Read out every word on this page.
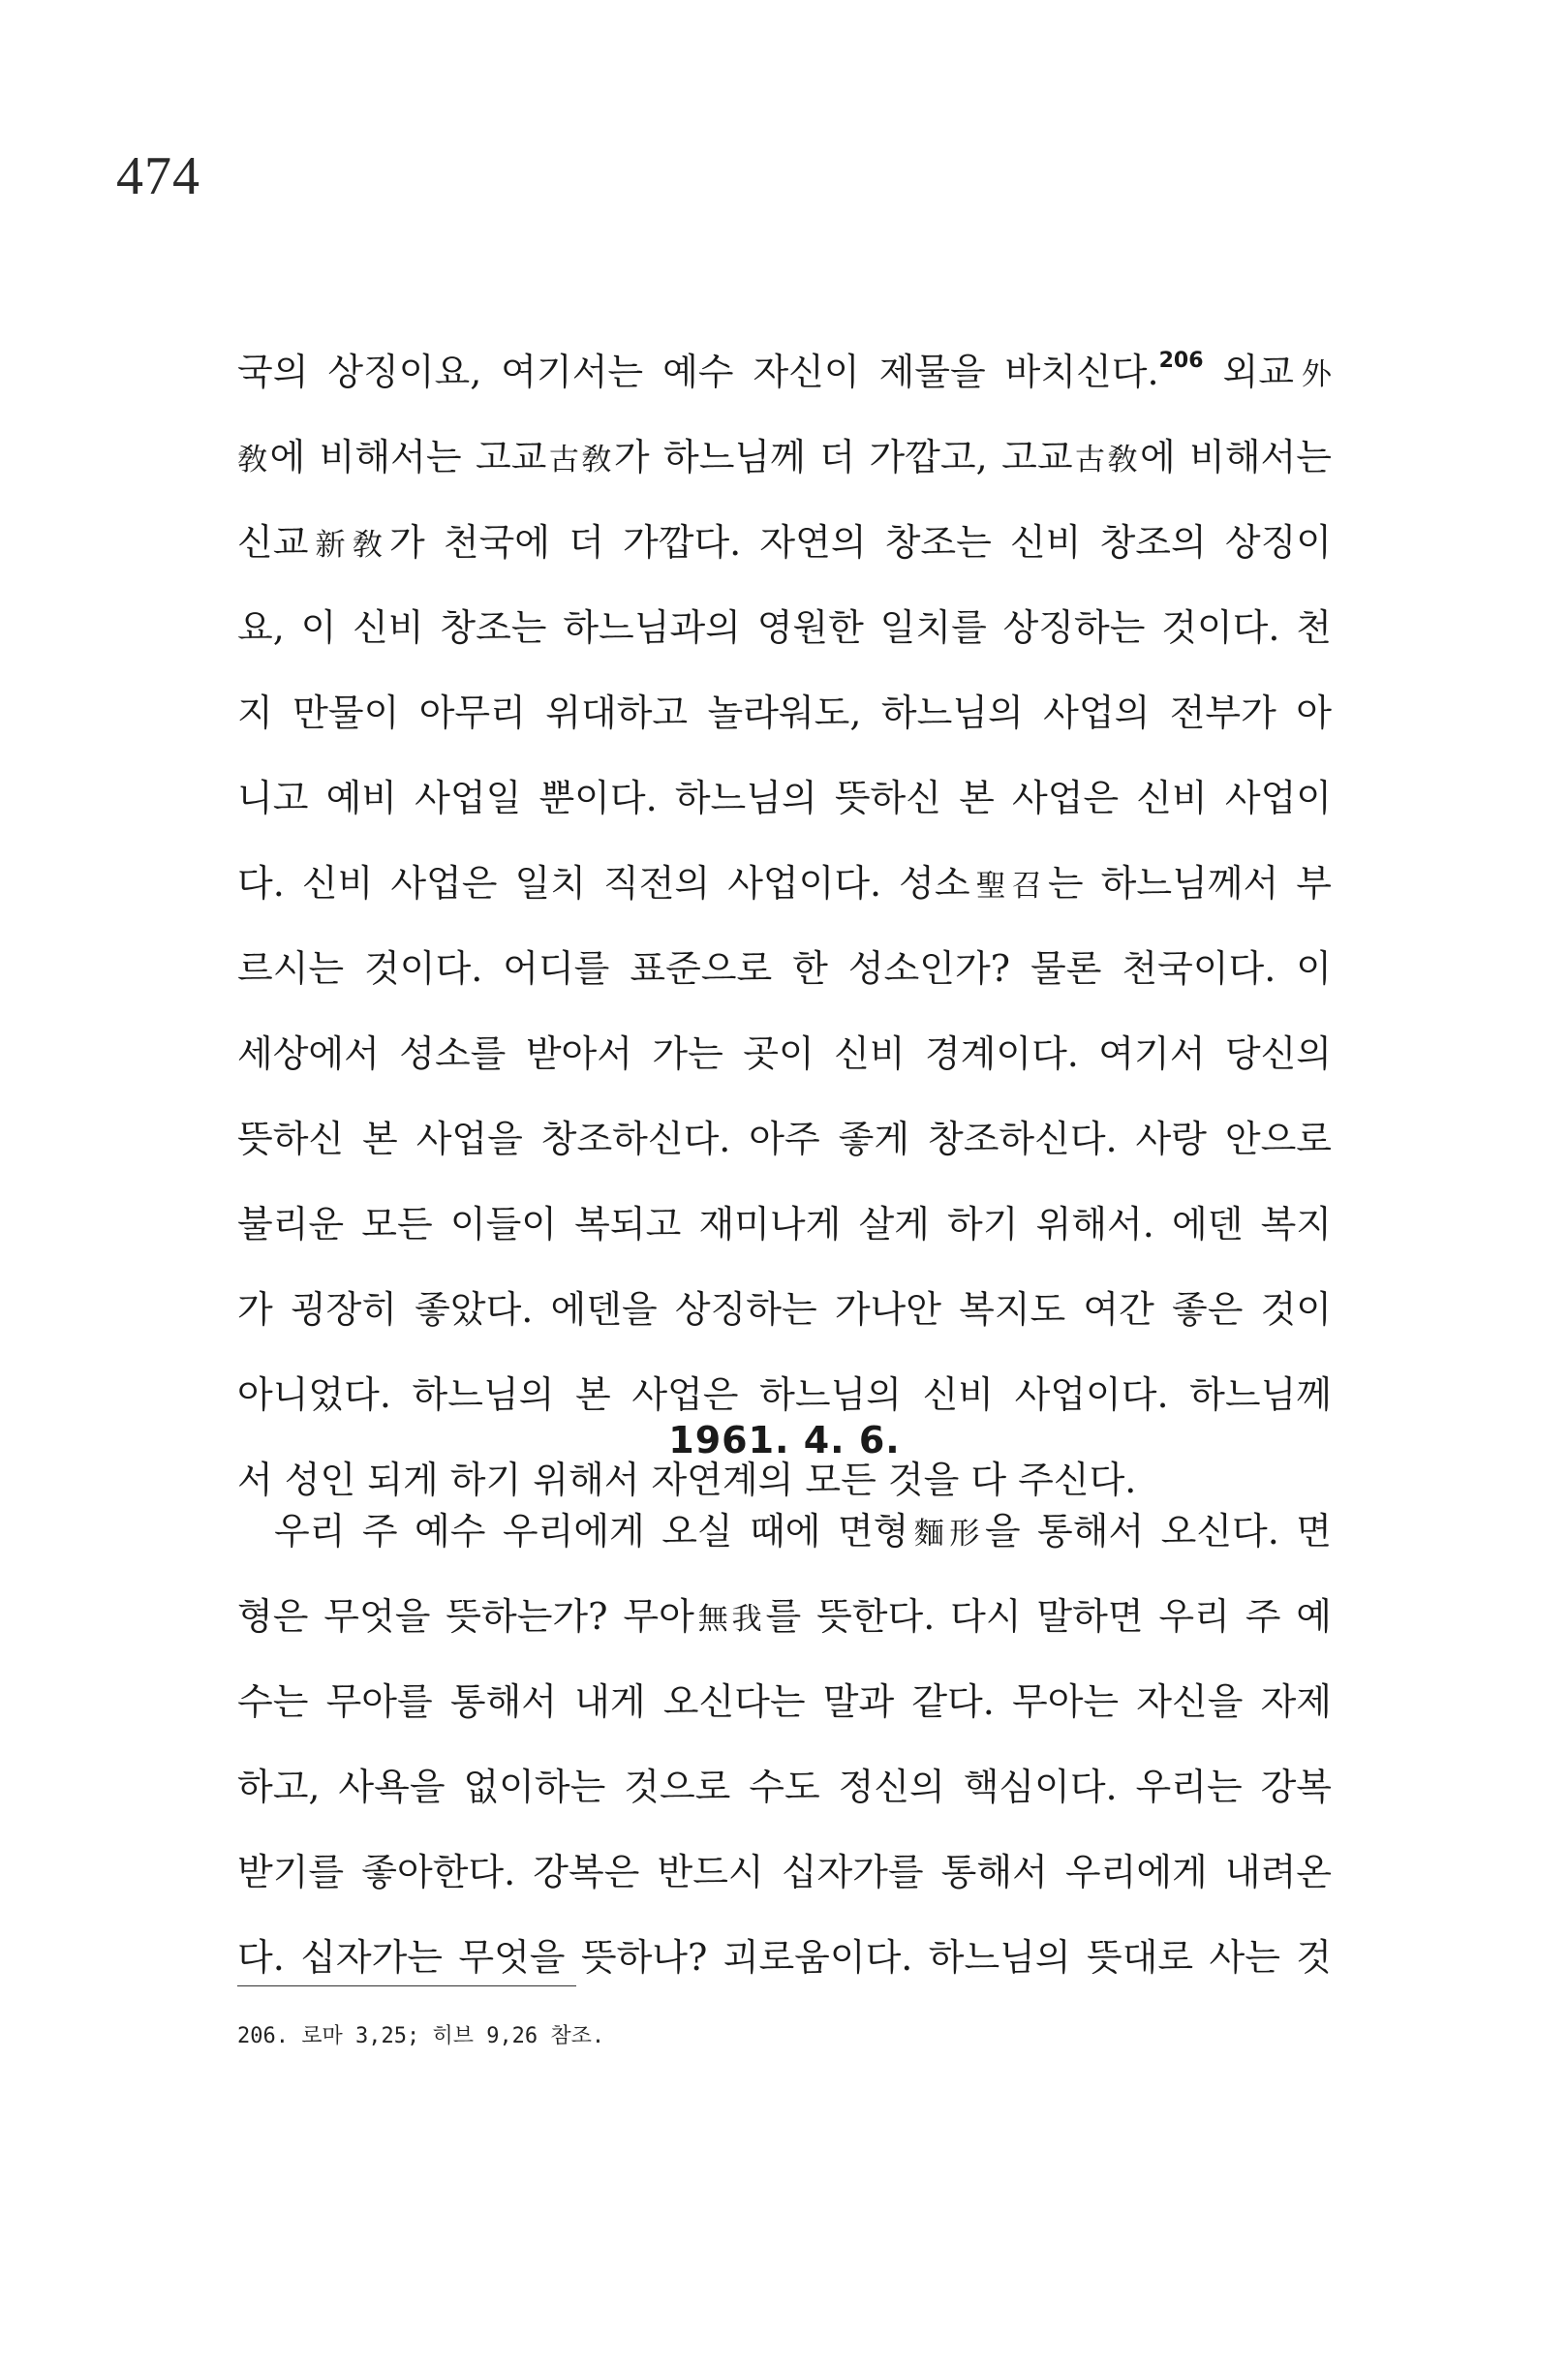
474
국의 상징이요, 여기서는 예수 자신이 제물을 바치신다.$^{206}$ 외교外
敎에 비해서는 고교古敎가 하느님께 더 가깝고, 고교古敎에 비해서는
신교新敎가 천국에 더 가깝다. 자연의 창조는 신비 창조의 상징이
요, 이 신비 창조는 하느님과의 영원한 일치를 상징하는 것이다. 천
지 만물이 아무리 위대하고 놀라워도, 하느님의 사업의 전부가 아
니고 예비 사업일 뿐이다. 하느님의 뜻하신 본 사업은 신비 사업이
다. 신비 사업은 일치 직전의 사업이다. 성소聖召는 하느님께서 부
르시는 것이다. 어디를 표준으로 한 성소인가? 물론 천국이다. 이
세상에서 성소를 받아서 가는 곳이 신비 경계이다. 여기서 당신의
뜻하신 본 사업을 창조하신다. 아주 좋게 창조하신다. 사랑 안으로
불리운 모든 이들이 복되고 재미나게 살게 하기 위해서. 에덴 복지
가 굉장히 좋았다. 에덴을 상징하는 가나안 복지도 여간 좋은 것이
아니었다. 하느님의 본 사업은 하느님의 신비 사업이다. 하느님께
서 성인 되게 하기 위해서 자연계의 모든 것을 다 주신다.
1961. 4. 6.
우리 주 예수 우리에게 오실 때에 면형麵形을 통해서 오신다. 면
형은 무엇을 뜻하는가? 무아無我를 뜻한다. 다시 말하면 우리 주 예
수는 무아를 통해서 내게 오신다는 말과 같다. 무아는 자신을 자제
하고, 사욕을 없이하는 것으로 수도 정신의 핵심이다. 우리는 강복
받기를 좋아한다. 강복은 반드시 십자가를 통해서 우리에게 내려온
다. 십자가는 무엇을 뜻하나? 괴로움이다. 하느님의 뜻대로 사는 것
206. 로마 3,25; 히브 9,26 참조.
